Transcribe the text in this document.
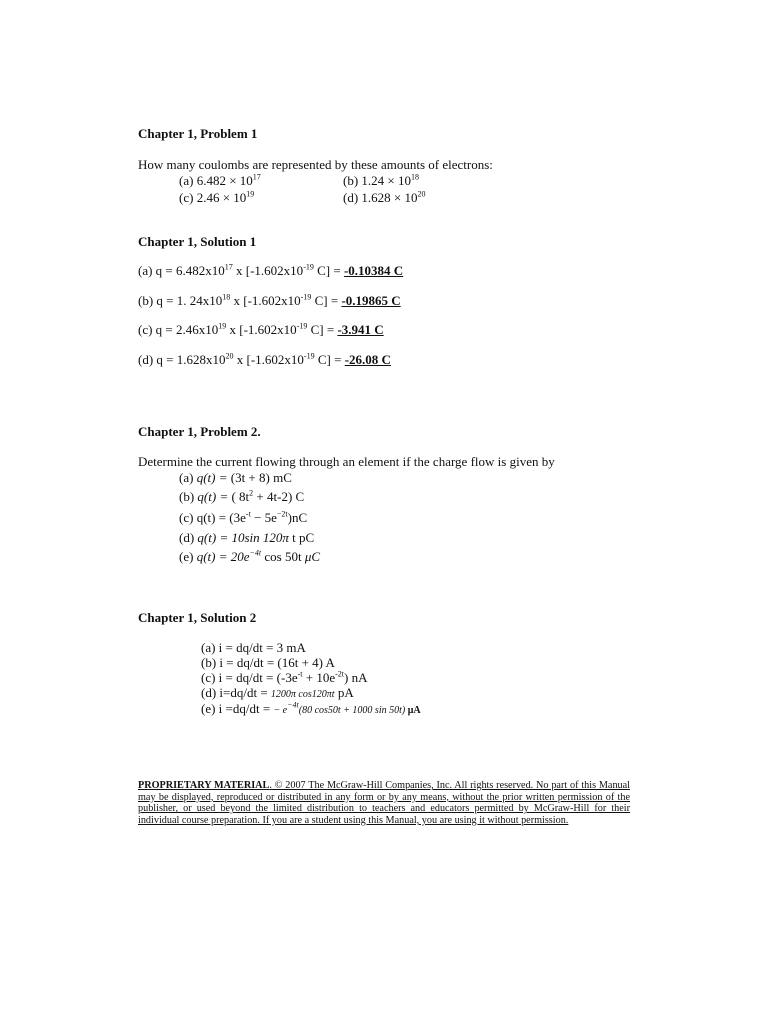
Chapter 1, Problem 1
How many coulombs are represented by these amounts of electrons:
(a) $6.482 \times 10^{17}$	(b) $1.24 \times 10^{18}$
(c) $2.46 \times 10^{19}$	(d) $1.628 \times 10^{20}$
Chapter 1, Solution 1
(a) $q = 6.482x10^{17}$ x [$-1.602x10^{-19}$ C] = -0.10384 C
(b) q = 1. $24x10^{18}$ x [$-1.602x10^{-19}$ C] = -0.19865 C
(c) $q = 2.46x10^{19}$ x [$-1.602x10^{-19}$ C] = -3.941 C
(d) $q = 1.628x10^{20}$ x [$-1.602x10^{-19}$ C] = -26.08 C
Chapter 1, Problem 2.
Determine the current flowing through an element if the charge flow is given by
(a) q(t) = (3t + 8) mC
(b) q(t) = ( $8t^2 + 4t-2$) C
(c) $q(t) = (3e^{-t} - 5e^{-2t})nC$
(d) q(t) = 10sin 120π t pC
(e) $q(t) = 20e^{-4t}$ cos 50t μC
Chapter 1, Solution 2
(a) i = dq/dt = 3 mA
(b) i = dq/dt = (16t + 4) A
(c) $i = dq/dt = (-3e^{-t} + 10e^{-2t})$ nA
(d) i=dq/dt = 1200π cos120πt pA
(e) i =dq/dt = − $e^{-4t}(80$ cos50t + 1000 sin 50t) μA
PROPRIETARY MATERIAL. © 2007 The McGraw-Hill Companies, Inc. All rights reserved. No part of this Manual may be displayed, reproduced or distributed in any form or by any means, without the prior written permission of the publisher, or used beyond the limited distribution to teachers and educators permitted by McGraw-Hill for their individual course preparation. If you are a student using this Manual, you are using it without permission.
